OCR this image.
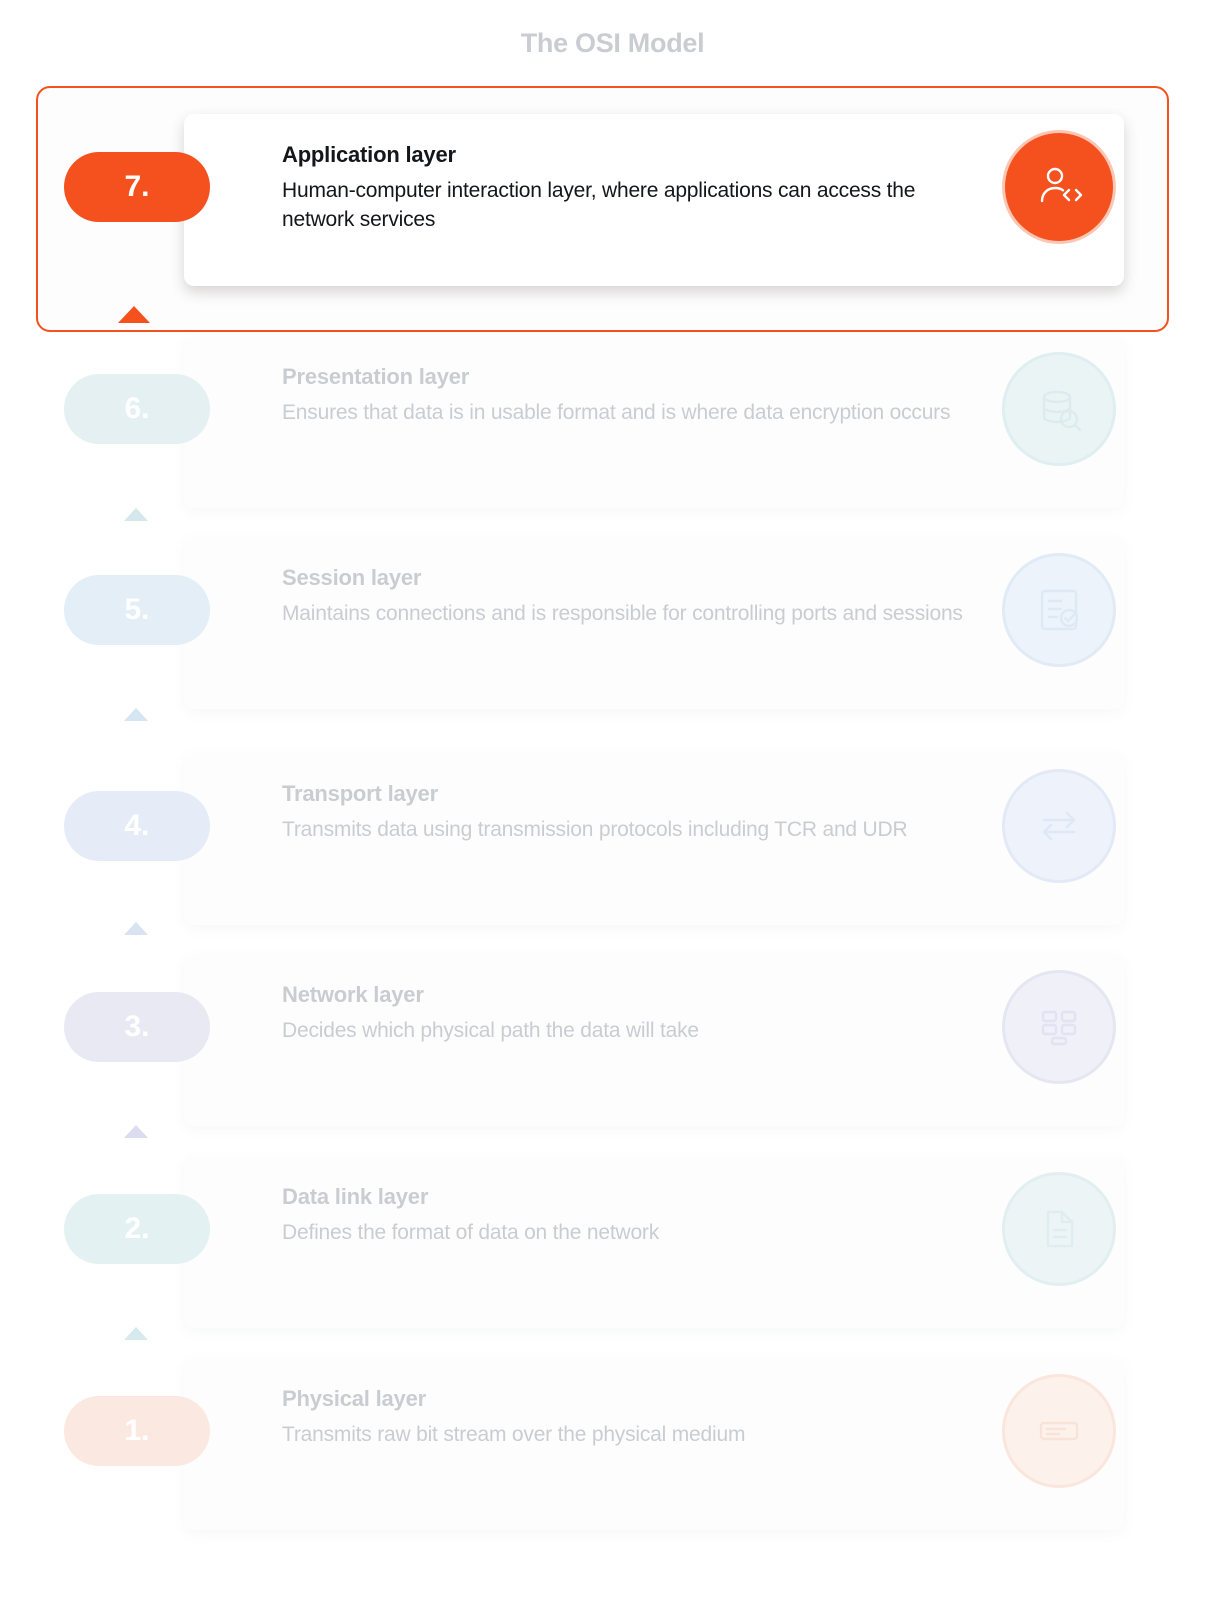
The OSI Model
7.
Application layer
Human-computer interaction layer, where applications can access the network services
6.
Presentation layer
Ensures that data is in usable format and is where data encryption occurs
5.
Session layer
Maintains connections and is responsible for controlling ports and sessions
4.
Transport layer
Transmits data using transmission protocols including TCR and UDR
3.
Network layer
Decides which physical path the data will take
2.
Data link layer
Defines the format of data on the network
1.
Physical layer
Transmits raw bit stream over the physical medium
